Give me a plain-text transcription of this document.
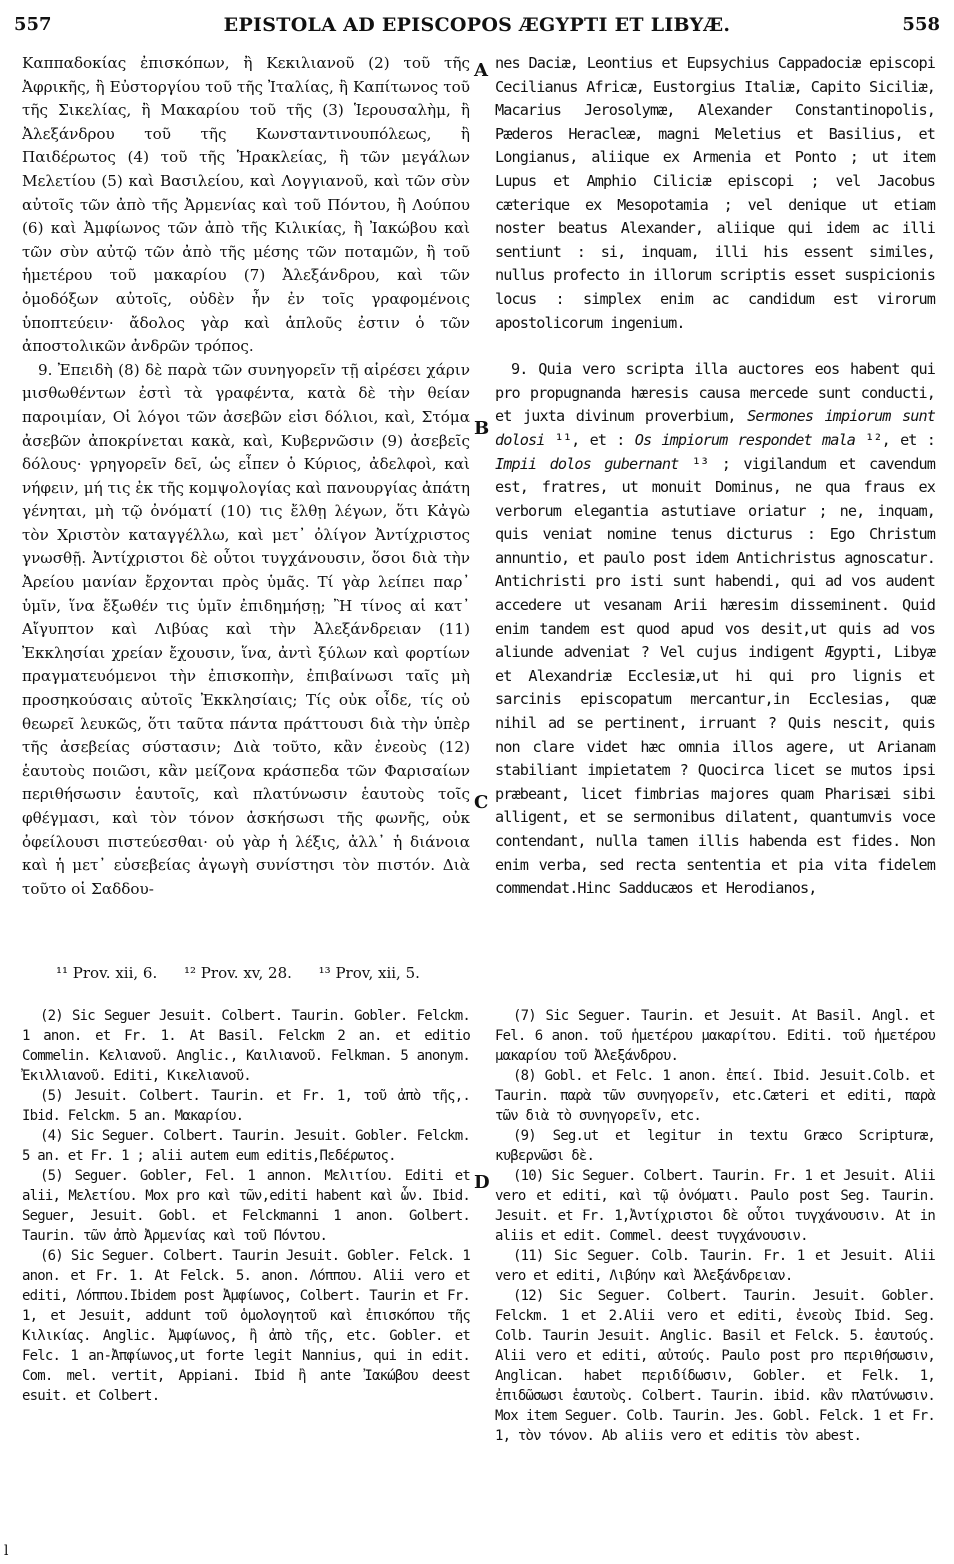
557	EPISTOLA AD EPISCOPOS ÆGYPTI ET LIBYÆ.	558

Καππαδοκίας ἐπισκόπων, ἢ Κεκιλιανοῦ (2) τοῦ τῆς Ἀφρικῆς, ἢ Εὐστοργίου τοῦ τῆς Ἰταλίας, ἢ Καπίτωνος τοῦ τῆς Σικελίας, ἢ Μακαρίου τοῦ τῆς (3) Ἱερουσαλὴμ, ἢ Ἀλεξάνδρου τοῦ τῆς Κωνσταντινουπόλεως, ἢ Παιδέρωτος (4) τοῦ τῆς Ἡρακλείας, ἢ τῶν μεγάλων Μελετίου (5) καὶ Βασιλείου, καὶ Λογγιανοῦ, καὶ τῶν σὺν αὐτοῖς τῶν ἀπὸ τῆς Ἀρμενίας καὶ τοῦ Πόντου, ἢ Λούπου (6) καὶ Ἀμφίωνος τῶν ἀπὸ τῆς Κιλικίας, ἢ Ἰακώβου καὶ τῶν σὺν αὐτῷ τῶν ἀπὸ τῆς μέσης τῶν ποταμῶν, ἢ τοῦ ἡμετέρου τοῦ μακαρίου (7) Ἀλεξάνδρου, καὶ τῶν ὁμοδόξων αὐτοῖς, οὐδὲν ἦν ἐν τοῖς γραφομένοις ὑποπτεύειν· ἄδολος γὰρ καὶ ἁπλοῦς ἐστιν ὁ τῶν ἀποστολικῶν ἀνδρῶν τρόπος.

9. Ἐπειδὴ (8) δὲ παρὰ τῶν συνηγορεῖν τῇ αἱρέσει χάριν μισθωθέντων ἐστὶ τὰ γραφέντα, κατὰ δὲ τὴν θείαν παροιμίαν, Οἱ λόγοι τῶν ἀσεβῶν εἰσι δόλιοι, καὶ, Στόμα ἀσεβῶν ἀποκρίνεται κακὰ, καὶ, Κυβερνῶσιν (9) ἀσεβεῖς δόλους· γρηγορεῖν δεῖ, ὡς εἶπεν ὁ Κύριος, ἀδελφοὶ, καὶ νήφειν, μή τις ἐκ τῆς κομψολογίας καὶ πανουργίας ἀπάτη γένηται, μὴ τῷ ὀνόματί (10) τις ἔλθῃ λέγων, ὅτι Κἀγὼ τὸν Χριστὸν καταγγέλλω, καὶ μετ᾽ ὀλίγον Ἀντίχριστος γνωσθῇ. Ἀντίχριστοι δὲ οὗτοι τυγχάνουσιν, ὅσοι διὰ τὴν Ἀρείου μανίαν ἔρχονται πρὸς ὑμᾶς. Τί γὰρ λείπει παρ᾽ ὑμῖν, ἵνα ἔξωθέν τις ὑμῖν ἐπιδημήσῃ; Ἢ τίνος αἱ κατ᾽ Αἴγυπτον καὶ Λιβύας καὶ τὴν Ἀλεξάνδρειαν (11) Ἐκκλησίαι χρείαν ἔχουσιν, ἵνα, ἀντὶ ξύλων καὶ φορτίων πραγματευόμενοι τὴν ἐπισκοπὴν, ἐπιβαίνωσι ταῖς μὴ προσηκούσαις αὐτοῖς Ἐκκλησίαις; Τίς οὐκ οἶδε, τίς οὐ θεωρεῖ λευκῶς, ὅτι ταῦτα πάντα πράττουσι διὰ τὴν ὑπὲρ τῆς ἀσεβείας σύστασιν; Διὰ τοῦτο, κἂν ἐνεοὺς (12) ἑαυτοὺς ποιῶσι, κἂν μείζονα κράσπεδα τῶν Φαρισαίων περιθήσωσιν ἑαυτοῖς, καὶ πλατύνωσιν ἑαυτοὺς τοῖς φθέγμασι, καὶ τὸν τόνον ἀσκήσωσι τῆς φωνῆς, οὐκ ὀφείλουσι πιστεύεσθαι· οὐ γὰρ ἡ λέξις, ἀλλ᾽ ἡ διάνοια καὶ ἡ μετ᾽ εὐσεβείας ἀγωγὴ συνίστησι τὸν πιστόν. Διὰ τοῦτο οἱ Σαδδου-

A
B
C
D

nes Daciæ, Leontius et Eupsychius Cappadociæ episcopi Cecilianus Africæ, Eustorgius Italiæ, Capito Siciliæ, Macarius Jerosolymæ, Alexander Constantinopolis, Pæderos Heracleæ, magni Meletius et Basilius, et Longianus, aliique ex Armenia et Ponto ; ut item Lupus et Amphio Ciliciæ episcopi ; vel Jacobus cæterique ex Mesopotamia ; vel denique ut etiam noster beatus Alexander, aliique qui idem ac illi sentiunt : si, inquam, illi his essent similes, nullus profecto in illorum scriptis esset suspicionis locus : simplex enim ac candidum est virorum apostolicorum ingenium.

9. Quia vero scripta illa auctores eos habent qui pro propugnanda hæresis causa mercede sunt conducti, et juxta divinum proverbium, Sermones impiorum sunt dolosi ¹¹, et : Os impiorum respondet mala ¹², et : Impii dolos gubernant ¹³ ; vigilandum et cavendum est, fratres, ut monuit Dominus, ne qua fraus ex verborum elegantia astutiave oriatur ; ne, inquam, quis veniat nomine tenus dicturus : Ego Christum annuntio, et paulo post idem Antichristus agnoscatur. Antichristi pro isti sunt habendi, qui ad vos audent accedere ut vesanam Arii hæresim disseminent. Quid enim tandem est quod apud vos desit,ut quis ad vos aliunde adveniat ? Vel cujus indigent Ægypti, Libyæ et Alexandriæ Ecclesiæ,ut hi qui pro lignis et sarcinis episcopatum mercantur,in Ecclesias, quæ nihil ad se pertinent, irruant ? Quis nescit, quis non clare videt hæc omnia illos agere, ut Arianam stabiliant impietatem ? Quocirca licet se mutos ipsi præbeant, licet fimbrias majores quam Pharisæi sibi alligent, et se sermonibus dilatent, quantumvis voce contendant, nulla tamen illis habenda est fides. Non enim verba, sed recta sententia et pia vita fidelem commendat.Hinc Sadducæos et Herodianos,

¹¹ Prov. xii, 6. ¹² Prov. xv, 28. ¹³ Prov, xii, 5.

(2) Sic Seguer Jesuit. Colbert. Taurin. Gobler. Felckm. 1 anon. et Fr. 1. At Basil. Felckm 2 an. et editio Commelin. Κελιανοῦ. Anglic., Καιλιανοῦ. Felkman. 5 anonym. Ἐκιλλιανοῦ. Editi, Κικελιανοῦ.

(5) Jesuit. Colbert. Taurin. et Fr. 1, τοῦ ἀπὸ τῆς,. Ibid. Felckm. 5 an. Μακαρίου.

(4) Sic Seguer. Colbert. Taurin. Jesuit. Gobler. Felckm. 5 an. et Fr. 1 ; alii autem eum editis,Πεδέρωτος.

(5) Seguer. Gobler, Fel. 1 annon. Μελιτίου. Editi et alii, Μελετίου. Mox pro καὶ τῶν,editi habent καὶ ὧν. Ibid. Seguer, Jesuit. Gobl. et Felckmanni 1 anon. Golbert. Taurin. τῶν ἀπὸ Ἀρμενίας καὶ τοῦ Πόντου.

(6) Sic Seguer. Colbert. Taurin Jesuit. Gobler. Felck. 1 anon. et Fr. 1. At Felck. 5. anon. Λόππου. Alii vero et editi, Λόππου.Ibidem post Ἀμφίωνος, Colbert. Taurin et Fr. 1, et Jesuit, addunt τοῦ ὁμολογητοῦ καὶ ἐπισκόπου τῆς Κιλικίας. Anglic. Ἀμφίωνος, ἢ ἀπὸ τῆς, etc. Gobler. et Felc. 1 an-Ἀπφίωνος,ut forte legit Nannius, qui in edit. Com. mel. vertit, Appiani. Ibid ἢ ante Ἰακώβου deest esuit. et Colbert.

(7) Sic Seguer. Taurin. et Jesuit. At Basil. Angl. et Fel. 6 anon. τοῦ ἡμετέρου μακαρίτου. Editi. τοῦ ἡμετέρου μακαρίου τοῦ Ἀλεξάνδρου.

(8) Gobl. et Felc. 1 anon. ἐπεί. Ibid. Jesuit.Colb. et Taurin. παρὰ τῶν συνηγορεῖν, etc.Cæteri et editi, παρὰ τῶν διὰ τὸ συνηγορεῖν, etc.

(9) Seg.ut et legitur in textu Græco Scripturæ, κυβερνῶσι δὲ.

(10) Sic Seguer. Colbert. Taurin. Fr. 1 et Jesuit. Alii vero et editi, καὶ τῷ ὀνόματι. Paulo post Seg. Taurin. Jesuit. et Fr. 1,Ἀντίχριστοι δὲ οὗτοι τυγχάνουσιν. At in aliis et edit. Commel. deest τυγχάνουσιν.

(11) Sic Seguer. Colb. Taurin. Fr. 1 et Jesuit. Alii vero et editi, Λιβύην καὶ Ἀλεξάνδρειαν.

(12) Sic Seguer. Colbert. Taurin. Jesuit. Gobler. Felckm. 1 et 2.Alii vero et editi, ἐνεοὺς Ibid. Seg. Colb. Taurin Jesuit. Anglic. Basil et Felck. 5. ἑαυτούς. Alii vero et editi, αὐτούς. Paulo post pro περιθήσωσιν, Anglican. habet περιδίδωσιν, Gobler. et Felk. 1, ἐπιδῶσωσι ἑαυτοὺς. Colbert. Taurin. ibid. κἂν πλατύνωσιν. Mox item Seguer. Colb. Taurin. Jes. Gobl. Felck. 1 et Fr. 1, τὸν τόνον. Ab aliis vero et editis τὸν abest.

l
